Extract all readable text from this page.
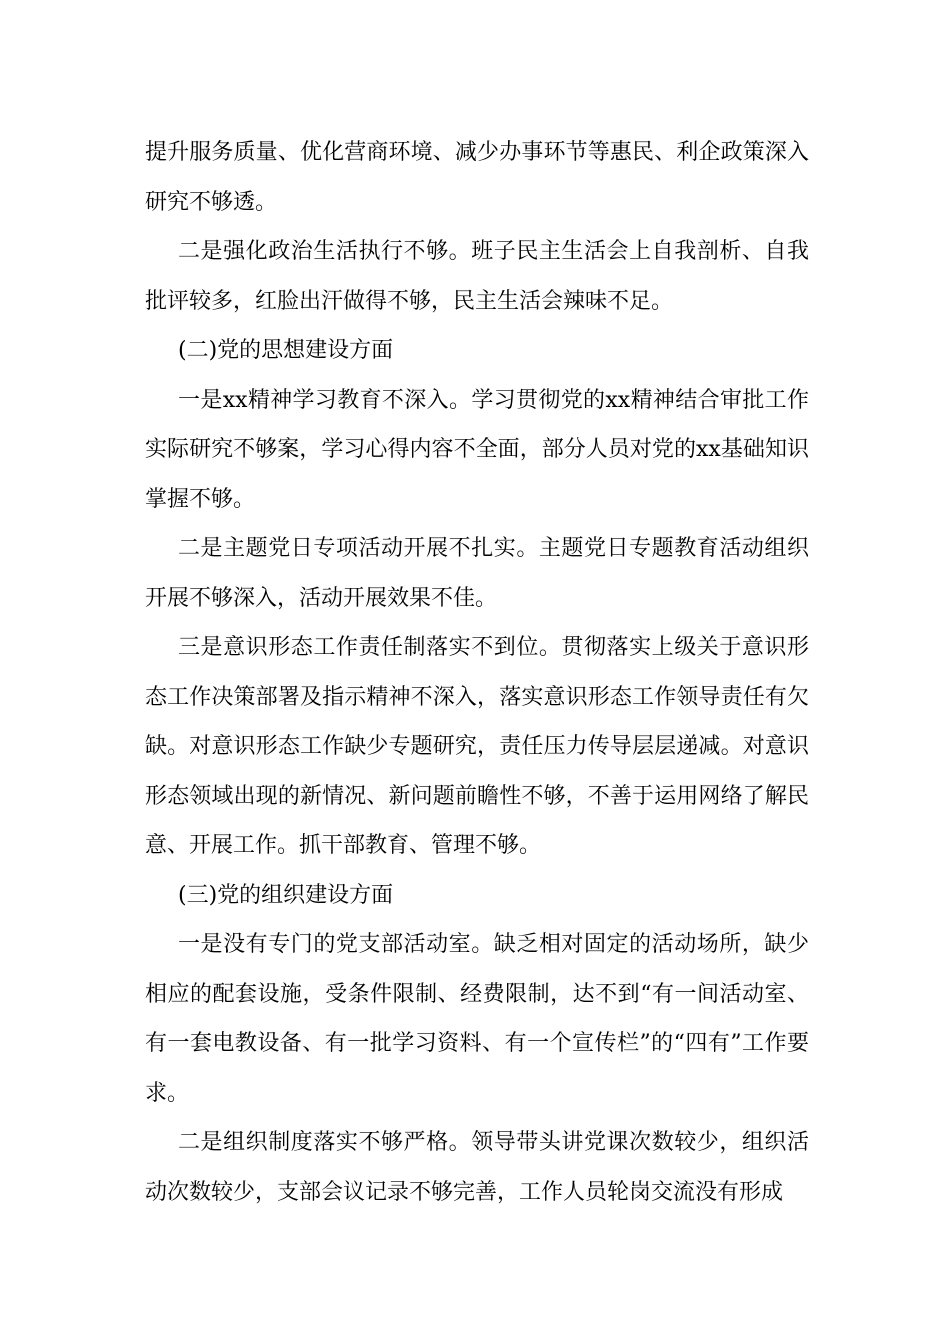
提升服务质量、优化营商环境、减少办事环节等惠民、利企政策深入研究不够透。

二是强化政治生活执行不够。班子民主生活会上自我剖析、自我批评较多，红脸出汗做得不够，民主生活会辣味不足。

(二)党的思想建设方面

一是xx精神学习教育不深入。学习贯彻党的xx精神结合审批工作实际研究不够案，学习心得内容不全面，部分人员对党的xx基础知识掌握不够。

二是主题党日专项活动开展不扎实。主题党日专题教育活动组织开展不够深入，活动开展效果不佳。

三是意识形态工作责任制落实不到位。贯彻落实上级关于意识形态工作决策部署及指示精神不深入，落实意识形态工作领导责任有欠缺。对意识形态工作缺少专题研究，责任压力传导层层递减。对意识形态领域出现的新情况、新问题前瞻性不够，不善于运用网络了解民意、开展工作。抓干部教育、管理不够。

(三)党的组织建设方面

一是没有专门的党支部活动室。缺乏相对固定的活动场所，缺少相应的配套设施，受条件限制、经费限制，达不到“有一间活动室、有一套电教设备、有一批学习资料、有一个宣传栏”的“四有”工作要求。

二是组织制度落实不够严格。领导带头讲党课次数较少，组织活动次数较少，支部会议记录不够完善，工作人员轮岗交流没有形成
